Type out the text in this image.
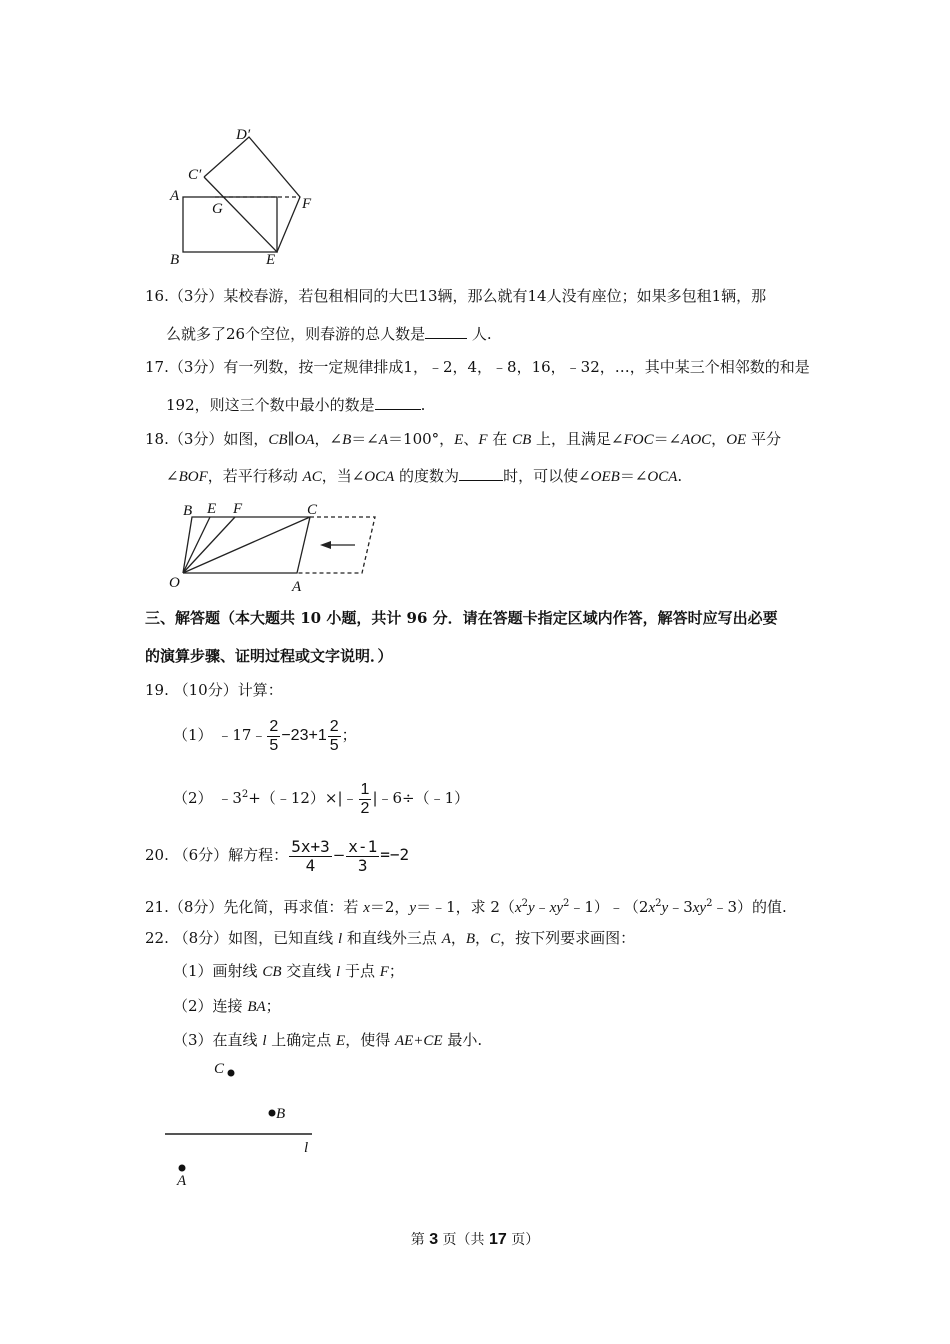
D′
C′
A
G	F
B	E
16.（3分）某校春游，若包租相同的大巴13辆，那么就有14人没有座位；如果多包租1辆，那
么就多了26个空位，则春游的总人数是	人.
17.（3分）有一列数，按一定规律排成1，﹣2，4，﹣8，16，﹣32，…，其中某三个相邻数的和是
192，则这三个数中最小的数是	.
18.（3分）如图，CB∥OA，∠B＝∠A＝100°，E、F 在 CB 上，且满足∠FOC＝∠AOC，OE 平分
∠BOF，若平行移动 AC，当∠OCA 的度数为	时，可以使∠OEB＝∠OCA.
B E F	C
O	A
三、解答题（本大题共 10 小题，共计 96 分．请在答题卡指定区域内作答，解答时应写出必要
的演算步骤、证明过程或文字说明．）
19. （10分）计算：
（1） ﹣17﹣ $\frac{2}{5} -23+1 \frac{2}{5}$ ；
（2） $﹣3^2+(﹣12)\times|﹣ \frac{1}{2}$ |﹣6÷（﹣1）
20. （6分）解方程： $\frac{5x+3}{4} - \frac{x-1}{3} =-2$
21.（8分）先化简，再求值：若 x＝2，y＝﹣1，求 $2(x^2y﹣xy^2﹣1)﹣(2x^2y﹣3xy^2﹣3)$的值.
22. （8分）如图，已知直线 l 和直线外三点 A，B，C，按下列要求画图：
（1）画射线 CB 交直线 l 于点 F；
（2）连接 BA；
（3）在直线 l 上确定点 E，使得 AE+CE 最小.
C
B
l
A
第 3 页（共 17 页）
